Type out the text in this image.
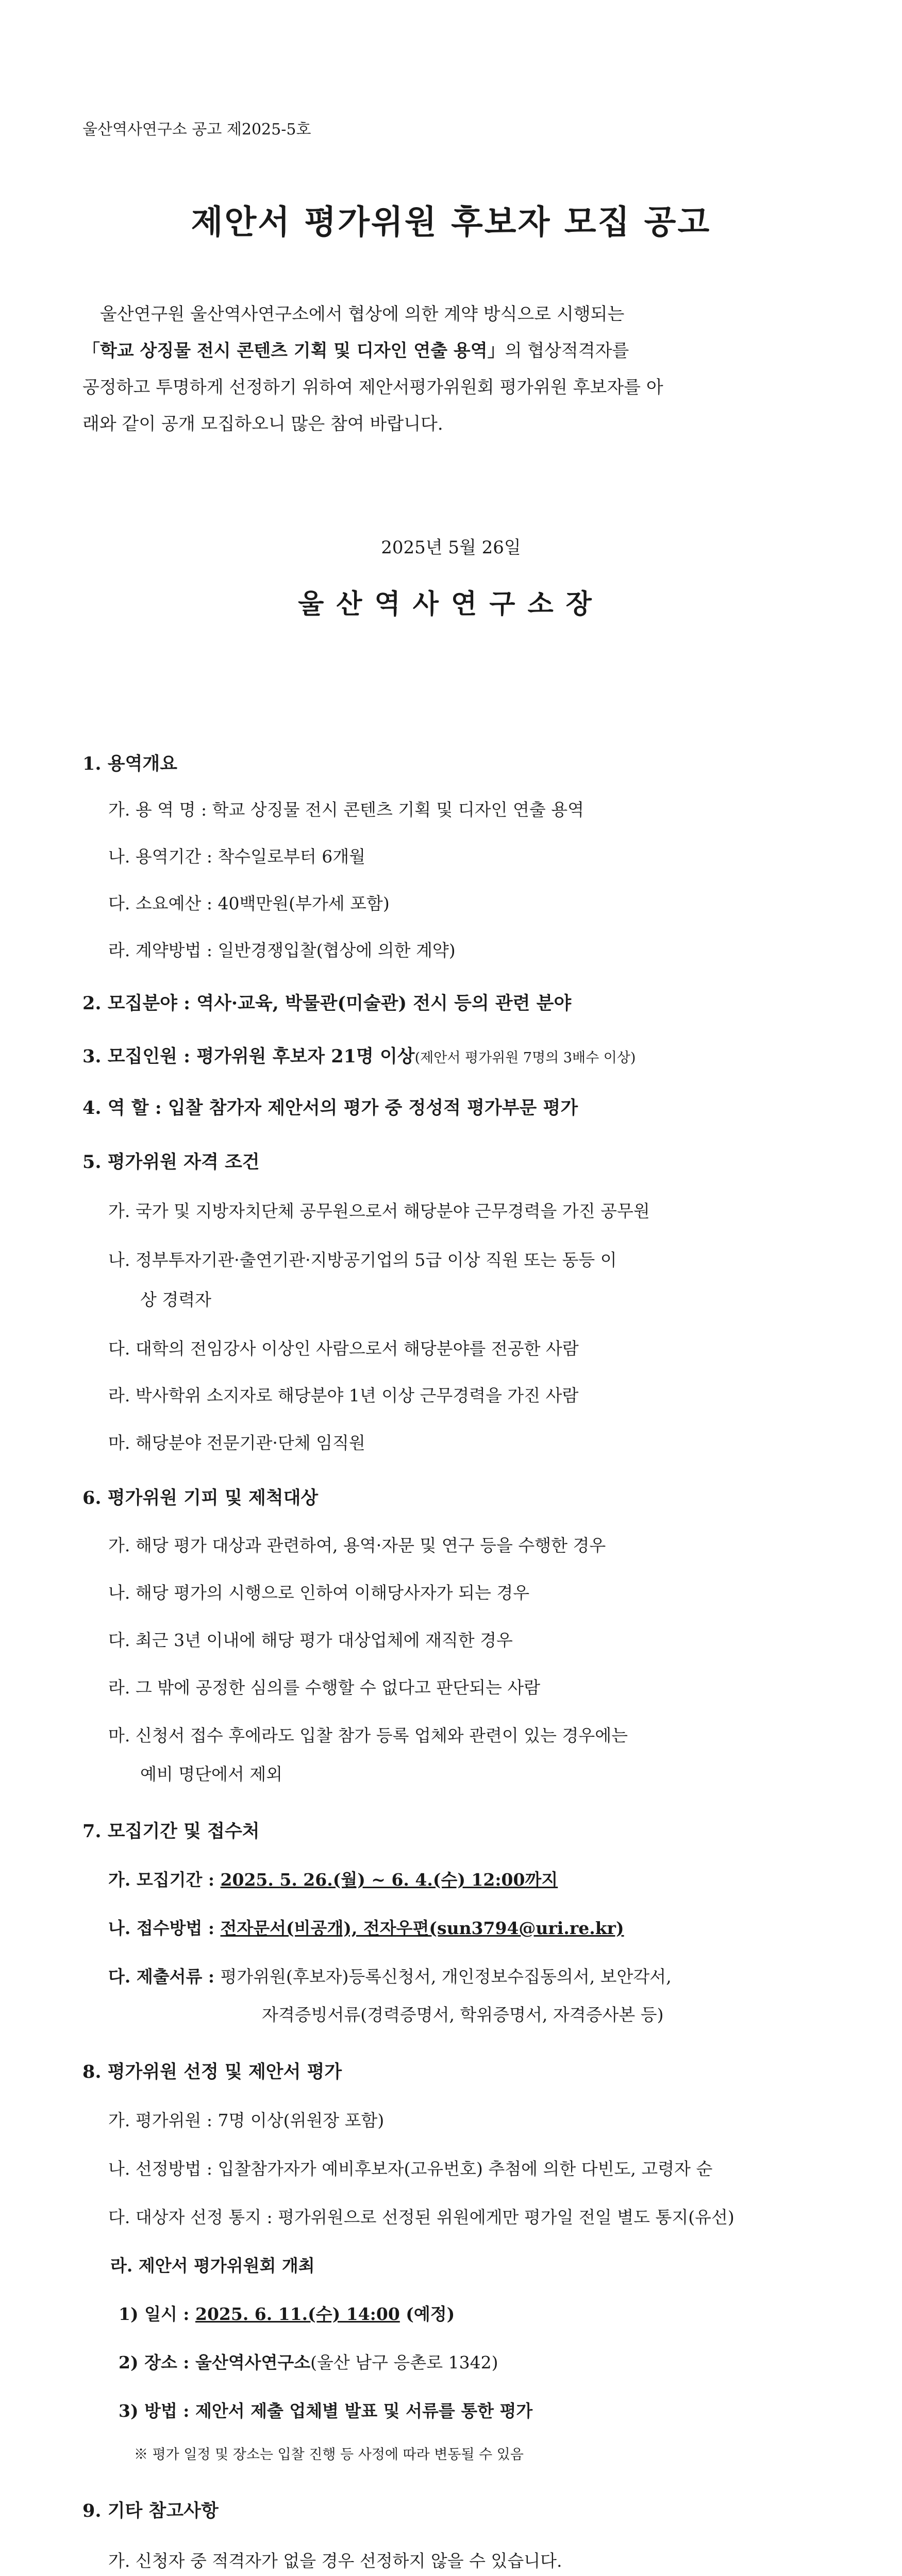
울산역사연구소 공고 제2025-5호
제안서 평가위원 후보자 모집 공고
울산연구원 울산역사연구소에서 협상에 의한 계약 방식으로 시행되는
「학교 상징물 전시 콘텐츠 기획 및 디자인 연출 용역」의 협상적격자를
공정하고 투명하게 선정하기 위하여 제안서평가위원회 평가위원 후보자를 아
래와 같이 공개 모집하오니 많은 참여 바랍니다.
2025년 5월 26일
울산역사연구소장
1. 용역개요
가. 용 역 명 : 학교 상징물 전시 콘텐츠 기획 및 디자인 연출 용역
나. 용역기간 : 착수일로부터 6개월
다. 소요예산 : 40백만원(부가세 포함)
라. 계약방법 : 일반경쟁입찰(협상에 의한 계약)
2. 모집분야 : 역사·교육, 박물관(미술관) 전시 등의 관련 분야
3. 모집인원 : 평가위원 후보자 21명 이상(제안서 평가위원 7명의 3배수 이상)
4. 역 할 : 입찰 참가자 제안서의 평가 중 정성적 평가부문 평가
5. 평가위원 자격 조건
가. 국가 및 지방자치단체 공무원으로서 해당분야 근무경력을 가진 공무원
나. 정부투자기관·출연기관·지방공기업의 5급 이상 직원 또는 동등 이
상 경력자
다. 대학의 전임강사 이상인 사람으로서 해당분야를 전공한 사람
라. 박사학위 소지자로 해당분야 1년 이상 근무경력을 가진 사람
마. 해당분야 전문기관·단체 임직원
6. 평가위원 기피 및 제척대상
가. 해당 평가 대상과 관련하여, 용역·자문 및 연구 등을 수행한 경우
나. 해당 평가의 시행으로 인하여 이해당사자가 되는 경우
다. 최근 3년 이내에 해당 평가 대상업체에 재직한 경우
라. 그 밖에 공정한 심의를 수행할 수 없다고 판단되는 사람
마. 신청서 접수 후에라도 입찰 참가 등록 업체와 관련이 있는 경우에는
예비 명단에서 제외
7. 모집기간 및 접수처
가. 모집기간 : 2025. 5. 26.(월) ~ 6. 4.(수) 12:00까지
나. 접수방법 : 전자문서(비공개), 전자우편(sun3794@uri.re.kr)
다. 제출서류 : 평가위원(후보자)등록신청서, 개인정보수집동의서, 보안각서,
자격증빙서류(경력증명서, 학위증명서, 자격증사본 등)
8. 평가위원 선정 및 제안서 평가
가. 평가위원 : 7명 이상(위원장 포함)
나. 선정방법 : 입찰참가자가 예비후보자(고유번호) 추첨에 의한 다빈도, 고령자 순
다. 대상자 선정 통지 : 평가위원으로 선정된 위원에게만 평가일 전일 별도 통지(유선)
라. 제안서 평가위원회 개최
1) 일시 : 2025. 6. 11.(수) 14:00 (예정)
2) 장소 : 울산역사연구소(울산 남구 응촌로 1342)
3) 방법 : 제안서 제출 업체별 발표 및 서류를 통한 평가
※ 평가 일정 및 장소는 입찰 진행 등 사정에 따라 변동될 수 있음
9. 기타 참고사항
가. 신청자 중 적격자가 없을 경우 선정하지 않을 수 있습니다.
